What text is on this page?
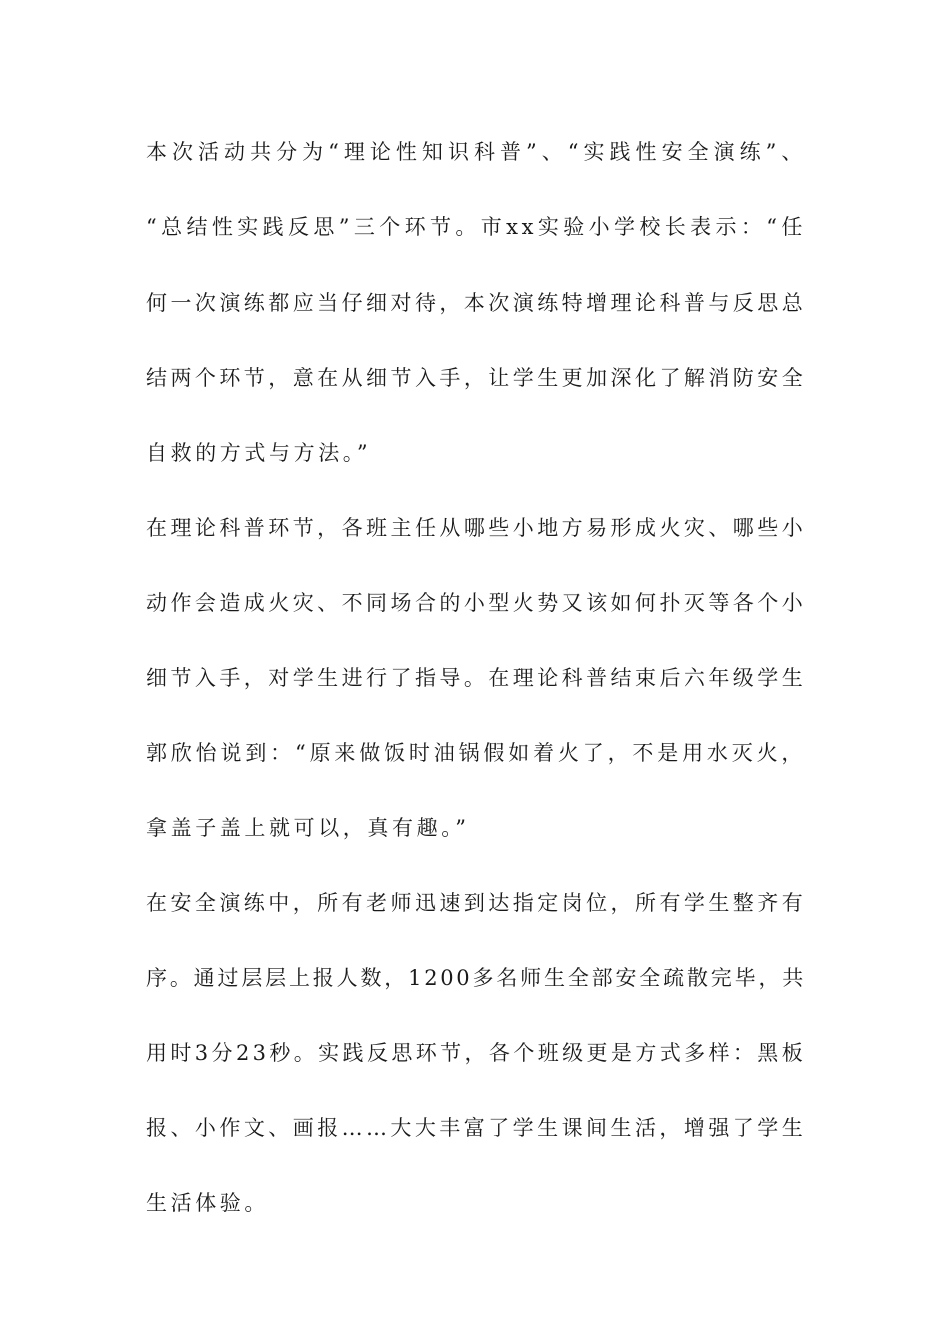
本次活动共分为“理论性知识科普”、“实践性安全演练”、
“总结性实践反思”三个环节。市xx实验小学校长表示：“任
何一次演练都应当仔细对待，本次演练特增理论科普与反思总
结两个环节，意在从细节入手，让学生更加深化了解消防安全
自救的方式与方法。”
在理论科普环节，各班主任从哪些小地方易形成火灾、哪些小
动作会造成火灾、不同场合的小型火势又该如何扑灭等各个小
细节入手，对学生进行了指导。在理论科普结束后六年级学生
郭欣怡说到：“原来做饭时油锅假如着火了，不是用水灭火，
拿盖子盖上就可以，真有趣。”
在安全演练中，所有老师迅速到达指定岗位，所有学生整齐有
序。通过层层上报人数，1200多名师生全部安全疏散完毕，共
用时3分23秒。实践反思环节，各个班级更是方式多样：黑板
报、小作文、画报……大大丰富了学生课间生活，增强了学生
生活体验。
